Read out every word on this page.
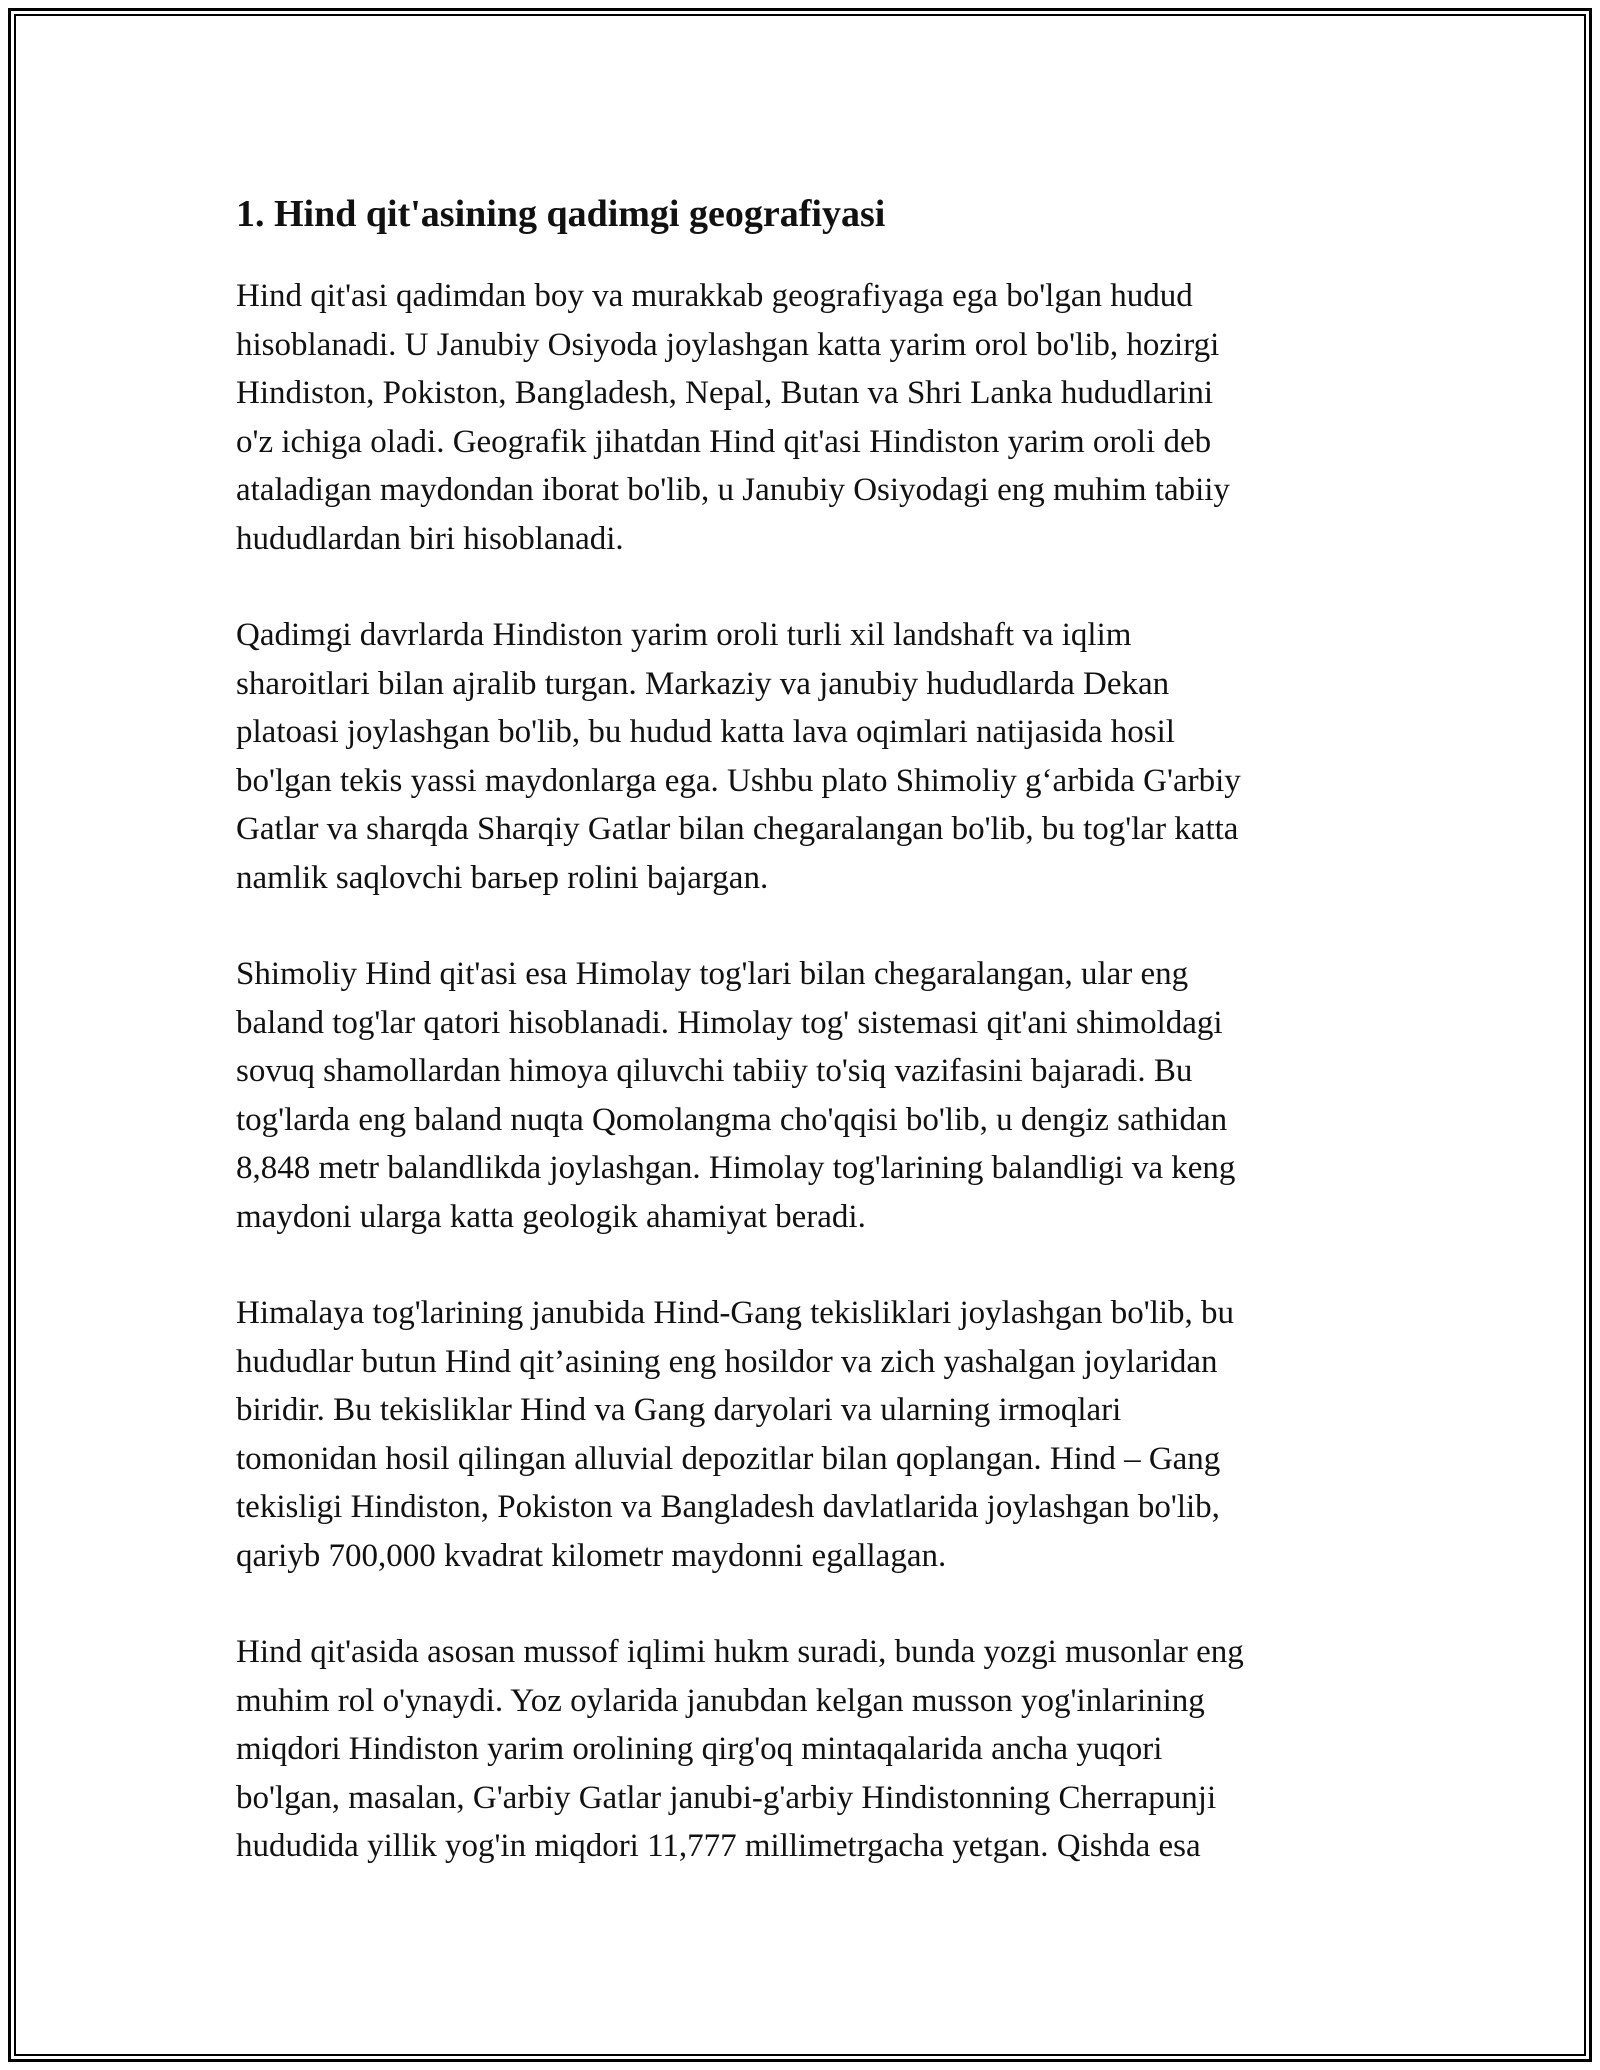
1. Hind qit'asining qadimgi geografiyasi

Hind qit'asi qadimdan boy va murakkab geografiyaga ega bo'lgan hudud
hisoblanadi. U Janubiy Osiyoda joylashgan katta yarim orol bo'lib, hozirgi
Hindiston, Pokiston, Bangladesh, Nepal, Butan va Shri Lanka hududlarini
o'z ichiga oladi. Geografik jihatdan Hind qit'asi Hindiston yarim oroli deb
ataladigan maydondan iborat bo'lib, u Janubiy Osiyodagi eng muhim tabiiy
hududlardan biri hisoblanadi.

Qadimgi davrlarda Hindiston yarim oroli turli xil landshaft va iqlim
sharoitlari bilan ajralib turgan. Markaziy va janubiy hududlarda Dekan
platoasi joylashgan bo'lib, bu hudud katta lava oqimlari natijasida hosil
bo'lgan tekis yassi maydonlarga ega. Ushbu plato Shimoliy g‘arbida G'arbiy
Gatlar va sharqda Sharqiy Gatlar bilan chegaralangan bo'lib, bu tog'lar katta
namlik saqlovchi barьep rolini bajargan.

Shimoliy Hind qit'asi esa Himolay tog'lari bilan chegaralangan, ular eng
baland tog'lar qatori hisoblanadi. Himolay tog' sistemasi qit'ani shimoldagi
sovuq shamollardan himoya qiluvchi tabiiy to'siq vazifasini bajaradi. Bu
tog'larda eng baland nuqta Qomolangma cho'qqisi bo'lib, u dengiz sathidan
8,848 metr balandlikda joylashgan. Himolay tog'larining balandligi va keng
maydoni ularga katta geologik ahamiyat beradi.

Himalaya tog'larining janubida Hind-Gang tekisliklari joylashgan bo'lib, bu
hududlar butun Hind qit’asining eng hosildor va zich yashalgan joylaridan
biridir. Bu tekisliklar Hind va Gang daryolari va ularning irmoqlari
tomonidan hosil qilingan alluvial depozitlar bilan qoplangan. Hind – Gang
tekisligi Hindiston, Pokiston va Bangladesh davlatlarida joylashgan bo'lib,
qariyb 700,000 kvadrat kilometr maydonni egallagan.

Hind qit'asida asosan mussof iqlimi hukm suradi, bunda yozgi musonlar eng
muhim rol o'ynaydi. Yoz oylarida janubdan kelgan musson yog'inlarining
miqdori Hindiston yarim orolining qirg'oq mintaqalarida ancha yuqori
bo'lgan, masalan, G'arbiy Gatlar janubi-g'arbiy Hindistonning Cherrapunji
hududida yillik yog'in miqdori 11,777 millimetrgacha yetgan. Qishda esa
